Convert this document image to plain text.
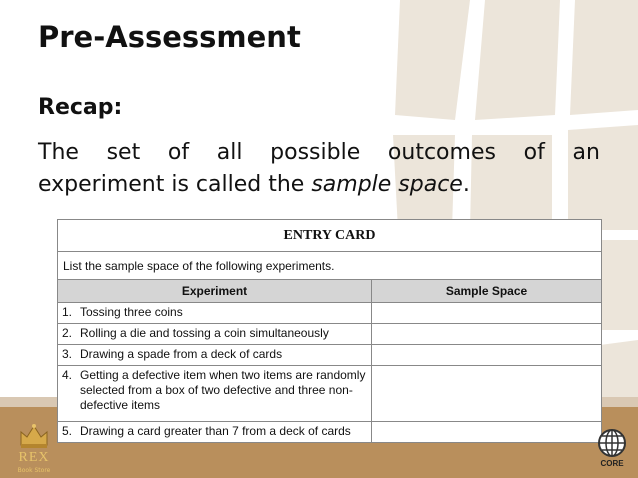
Pre-Assessment
Recap:
The set of all possible outcomes of an
experiment is called the sample space.
ENTRY CARD
List the sample space of the following experiments.
Experiment	Sample Space
1. Tossing three coins
2. Rolling a die and tossing a coin simultaneously
3. Drawing a spade from a deck of cards
4. Getting a defective item when two items are randomly selected from a box of two defective and three non-defective items
5. Drawing a card greater than 7 from a deck of cards
REX
Book Store
CORE
